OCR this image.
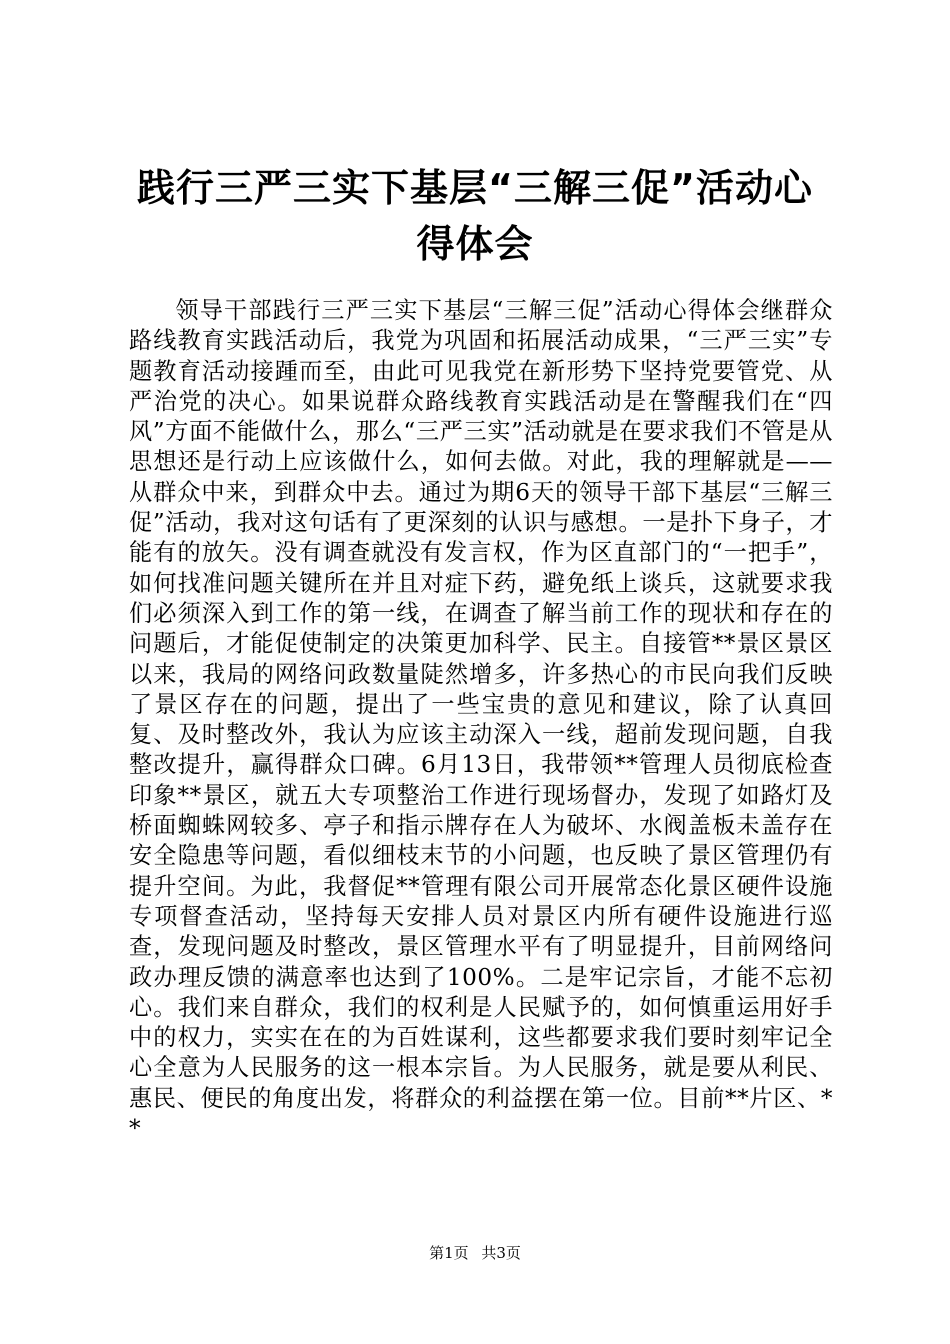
践行三严三实下基层“三解三促”活动心得体会
领导干部践行三严三实下基层“三解三促”活动心得体会继群众路线教育实践活动后，我党为巩固和拓展活动成果，“三严三实”专题教育活动接踵而至，由此可见我党在新形势下坚持党要管党、从严治党的决心。如果说群众路线教育实践活动是在警醒我们在“四风”方面不能做什么，那么“三严三实”活动就是在要求我们不管是从思想还是行动上应该做什么，如何去做。对此，我的理解就是——从群众中来，到群众中去。通过为期6天的领导干部下基层“三解三促”活动，我对这句话有了更深刻的认识与感想。一是扑下身子，才能有的放矢。没有调查就没有发言权，作为区直部门的“一把手”，如何找准问题关键所在并且对症下药，避免纸上谈兵，这就要求我们必须深入到工作的第一线，在调查了解当前工作的现状和存在的问题后，才能促使制定的决策更加科学、民主。自接管**景区景区以来，我局的网络问政数量陡然增多，许多热心的市民向我们反映了景区存在的问题，提出了一些宝贵的意见和建议，除了认真回复、及时整改外，我认为应该主动深入一线，超前发现问题，自我整改提升，赢得群众口碑。6月13日，我带领**管理人员彻底检查印象**景区，就五大专项整治工作进行现场督办，发现了如路灯及桥面蜘蛛网较多、亭子和指示牌存在人为破坏、水阀盖板未盖存在安全隐患等问题，看似细枝末节的小问题，也反映了景区管理仍有提升空间。为此，我督促**管理有限公司开展常态化景区硬件设施专项督查活动，坚持每天安排人员对景区内所有硬件设施进行巡查，发现问题及时整改，景区管理水平有了明显提升，目前网络问政办理反馈的满意率也达到了100%。二是牢记宗旨，才能不忘初心。我们来自群众，我们的权利是人民赋予的，如何慎重运用好手中的权力，实实在在的为百姓谋利，这些都要求我们要时刻牢记全心全意为人民服务的这一根本宗旨。为人民服务，就是要从利民、惠民、便民的角度出发，将群众的利益摆在第一位。目前**片区、**
第1页 共3页
